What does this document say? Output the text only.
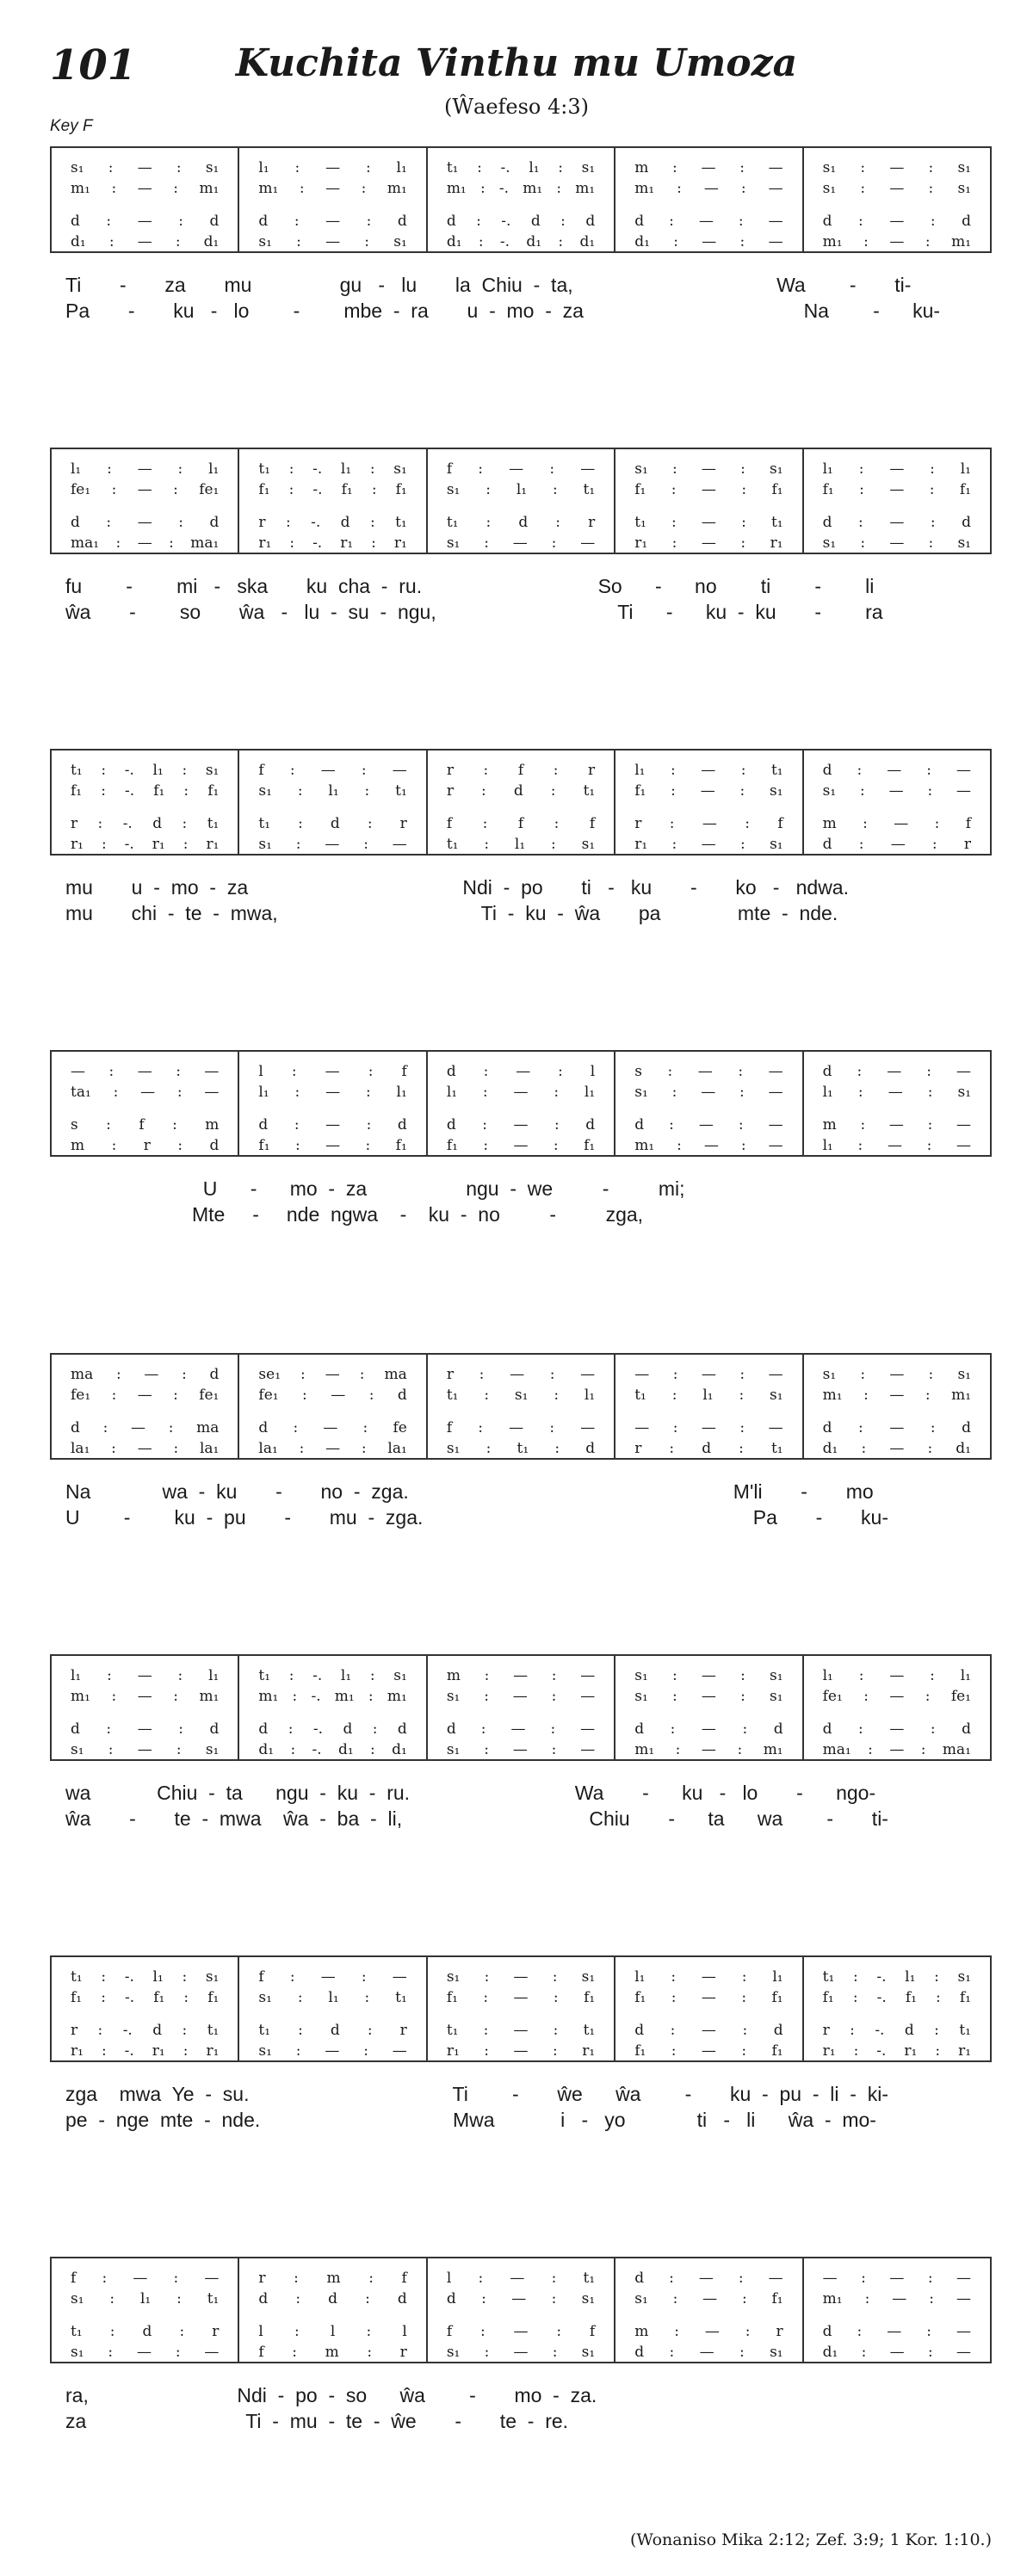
101	Kuchita Vinthu mu Umoza
(Ŵaefeso 4:3)
Key F
s₁ : — : s₁
m₁ : — : m₁
d : — : d
d₁ : — : d₁
l₁ : — : l₁
m₁ : — : m₁
d : — : d
s₁ : — : s₁
t₁ : -. l₁ : s₁
m₁ : -. m₁ : m₁
d : -. d : d
d₁ : -. d₁ : d₁
m : — : —
m₁ : — : —
d : — : —
d₁ : — : —
s₁ : — : s₁
s₁ : — : s₁
d : — : d
m₁ : — : m₁
Ti       -       za       mu                gu   -   lu       la  Chiu  -  ta,                                     Wa        -       ti-
Pa       -       ku   -   lo        -        mbe  -  ra       u  -  mo  -  za                                        Na        -      ku-
l₁ : — : l₁
fe₁ : — : fe₁
d : — : d
ma₁ : — : ma₁
t₁ : -. l₁ : s₁
f₁ : -. f₁ : f₁
r : -. d : t₁
r₁ : -. r₁ : r₁
f : — : —
s₁ : l₁ : t₁
t₁ : d : r
s₁ : — : —
s₁ : — : s₁
f₁ : — : f₁
t₁ : — : t₁
r₁ : — : r₁
l₁ : — : l₁
f₁ : — : f₁
d : — : d
s₁ : — : s₁
fu        -        mi   -   ska       ku  cha  -  ru.                                So      -      no        ti        -        li
ŵa       -        so       ŵa   -   lu  -  su  -  ngu,                                 Ti      -      ku  -  ku       -        ra
t₁ : -. l₁ : s₁
f₁ : -. f₁ : f₁
r : -. d : t₁
r₁ : -. r₁ : r₁
f : — : —
s₁ : l₁ : t₁
t₁ : d : r
s₁ : — : —
r : f : r
r : d : t₁
f : f : f
t₁ : l₁ : s₁
l₁ : — : t₁
f₁ : — : s₁
r : — : f
r₁ : — : s₁
d : — : —
s₁ : — : —
m : — : f
d : — : r
mu       u  -  mo  -  za                                       Ndi  -  po       ti   -   ku       -       ko   -   ndwa.
mu       chi  -  te  -  mwa,                                     Ti  -  ku  -  ŵa       pa              mte  -  nde.
— : — : —
ta₁ : — : —
s : f : m
m : r : d
l : — : f
l₁ : — : l₁
d : — : d
f₁ : — : f₁
d : — : l
l₁ : — : l₁
d : — : d
f₁ : — : f₁
s : — : —
s₁ : — : —
d : — : —
m₁ : — : —
d : — : —
l₁ : — : s₁
m : — : —
l₁ : — : —
U      -      mo  -  za                  ngu  -  we         -         mi;
Mte     -     nde  ngwa    -    ku  -  no         -         zga,
ma : — : d
fe₁ : — : fe₁
d : — : ma
la₁ : — : la₁
se₁ : — : ma
fe₁ : — : d
d : — : fe
la₁ : — : la₁
r : — : —
t₁ : s₁ : l₁
f : — : —
s₁ : t₁ : d
— : — : —
t₁ : l₁ : s₁
— : — : —
r : d : t₁
s₁ : — : s₁
m₁ : — : m₁
d : — : d
d₁ : — : d₁
Na             wa  -  ku       -       no  -  zga.                                                           M'li       -       mo
U        -        ku  -  pu       -       mu  -  zga.                                                            Pa       -       ku-
l₁ : — : l₁
m₁ : — : m₁
d : — : d
s₁ : — : s₁
t₁ : -. l₁ : s₁
m₁ : -. m₁ : m₁
d : -. d : d
d₁ : -. d₁ : d₁
m : — : —
s₁ : — : —
d : — : —
s₁ : — : —
s₁ : — : s₁
s₁ : — : s₁
d : — : d
m₁ : — : m₁
l₁ : — : l₁
fe₁ : — : fe₁
d : — : d
ma₁ : — : ma₁
wa            Chiu  -  ta      ngu  -  ku  -  ru.                              Wa       -      ku   -   lo       -      ngo-
ŵa       -       te  -  mwa    ŵa  -  ba  -  li,                                  Chiu       -      ta      wa        -       ti-
t₁ : -. l₁ : s₁
f₁ : -. f₁ : f₁
r : -. d : t₁
r₁ : -. r₁ : r₁
f : — : —
s₁ : l₁ : t₁
t₁ : d : r
s₁ : — : —
s₁ : — : s₁
f₁ : — : f₁
t₁ : — : t₁
r₁ : — : r₁
l₁ : — : l₁
f₁ : — : f₁
d : — : d
f₁ : — : f₁
t₁ : -. l₁ : s₁
f₁ : -. f₁ : f₁
r : -. d : t₁
r₁ : -. r₁ : r₁
zga    mwa  Ye  -  su.                                     Ti        -       ŵe      ŵa        -       ku  -  pu  -  li  -  ki-
pe  -  nge  mte  -  nde.                                   Mwa            i   -   yo             ti   -   li      ŵa  -  mo-
f : — : —
s₁ : l₁ : t₁
t₁ : d : r
s₁ : — : —
r : m : f
d : d : d
l : l : l
f : m : r
l : — : t₁
d : — : s₁
f : — : f
s₁ : — : s₁
d : — : —
s₁ : — : f₁
m : — : r
d : — : s₁
— : — : —
m₁ : — : —
d : — : —
d₁ : — : —
ra,                           Ndi  -  po  -  so      ŵa        -       mo  -  za.
za                             Ti  -  mu  -  te  -  ŵe       -       te  -  re.
(Wonaniso Mika 2:12; Zef. 3:9; 1 Kor. 1:10.)
